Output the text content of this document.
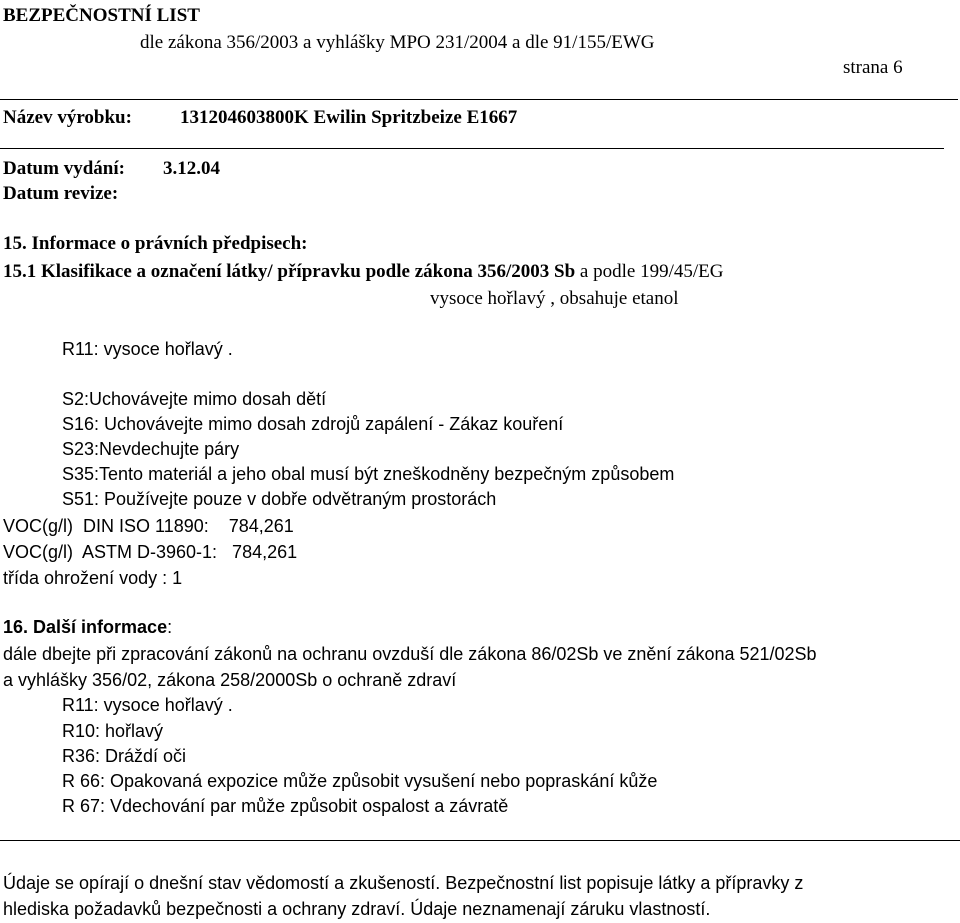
BEZPEČNOSTNÍ LIST
dle zákona 356/2003 a vyhlášky MPO 231/2004 a dle 91/155/EWG
strana 6
Název výrobku:	131204603800K Ewilin Spritzbeize E1667
Datum vydání: 3.12.04
Datum revize:
15. Informace o právních předpisech:
15.1 Klasifikace a označení látky/ přípravku podle zákona 356/2003 Sb a podle 199/45/EG
vysoce hořlavý , obsahuje etanol
R11: vysoce hořlavý .
S2:Uchovávejte mimo dosah dětí
S16: Uchovávejte mimo dosah zdrojů zapálení - Zákaz kouření
S23:Nevdechujte páry
S35:Tento materiál a jeho obal musí být zneškodněny bezpečným způsobem
S51: Používejte pouze v dobře odvětraným prostorách
VOC(g/l)  DIN ISO 11890:    784,261
VOC(g/l)  ASTM D-3960-1:   784,261
třída ohrožení vody : 1
16. Další informace:
dále dbejte při zpracování zákonů na ochranu ovzduší dle zákona 86/02Sb ve znění zákona 521/02Sb
a vyhlášky 356/02, zákona 258/2000Sb o ochraně zdraví
R11: vysoce hořlavý .
R10: hořlavý
R36: Dráždí oči
R 66: Opakovaná expozice může způsobit vysušení nebo popraskání kůže
R 67: Vdechování par může způsobit ospalost a závratě
Údaje se opírají o dnešní stav vědomostí a zkušeností. Bezpečnostní list popisuje látky a přípravky z
hlediska požadavků bezpečnosti a ochrany zdraví. Údaje neznamenají záruku vlastností.
